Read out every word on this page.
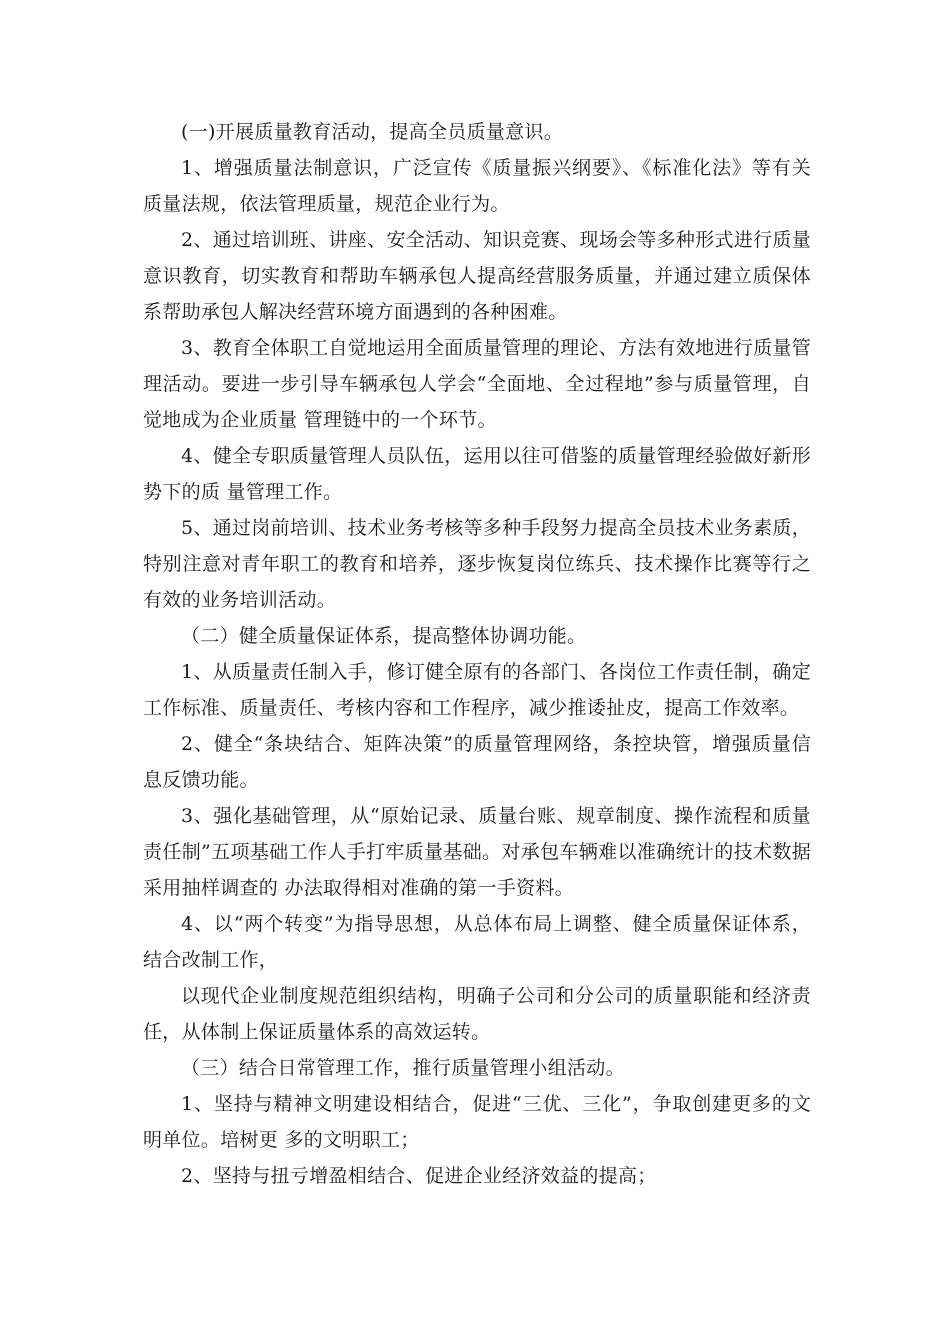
(一)开展质量教育活动，提高全员质量意识。

1、增强质量法制意识，广泛宣传《质量振兴纲要》、《标准化法》等有关质量法规，依法管理质量，规范企业行为。

2、通过培训班、讲座、安全活动、知识竞赛、现场会等多种形式进行质量意识教育，切实教育和帮助车辆承包人提高经营服务质量，并通过建立质保体系帮助承包人解决经营环境方面遇到的各种困难。

3、教育全体职工自觉地运用全面质量管理的理论、方法有效地进行质量管理活动。要进一步引导车辆承包人学会“全面地、全过程地”参与质量管理，自觉地成为企业质量 管理链中的一个环节。

4、健全专职质量管理人员队伍，运用以往可借鉴的质量管理经验做好新形势下的质 量管理工作。

5、通过岗前培训、技术业务考核等多种手段努力提高全员技术业务素质，特别注意对青年职工的教育和培养，逐步恢复岗位练兵、技术操作比赛等行之有效的业务培训活动。

（二）健全质量保证体系，提高整体协调功能。

1、从质量责任制入手，修订健全原有的各部门、各岗位工作责任制，确定工作标准、质量责任、考核内容和工作程序，减少推诿扯皮，提高工作效率。

2、健全“条块结合、矩阵决策”的质量管理网络，条控块管，增强质量信息反馈功能。

3、强化基础管理，从“原始记录、质量台账、规章制度、操作流程和质量责任制”五项基础工作人手打牢质量基础。对承包车辆难以准确统计的技术数据采用抽样调查的 办法取得相对准确的第一手资料。

4、以“两个转变”为指导思想，从总体布局上调整、健全质量保证体系，结合改制工作，

以现代企业制度规范组织结构，明确子公司和分公司的质量职能和经济责任，从体制上保证质量体系的高效运转。

（三）结合日常管理工作，推行质量管理小组活动。

1、坚持与精神文明建设相结合，促进“三优、三化”，争取创建更多的文明单位。培树更 多的文明职工；

2、坚持与扭亏增盈相结合、促进企业经济效益的提高；
